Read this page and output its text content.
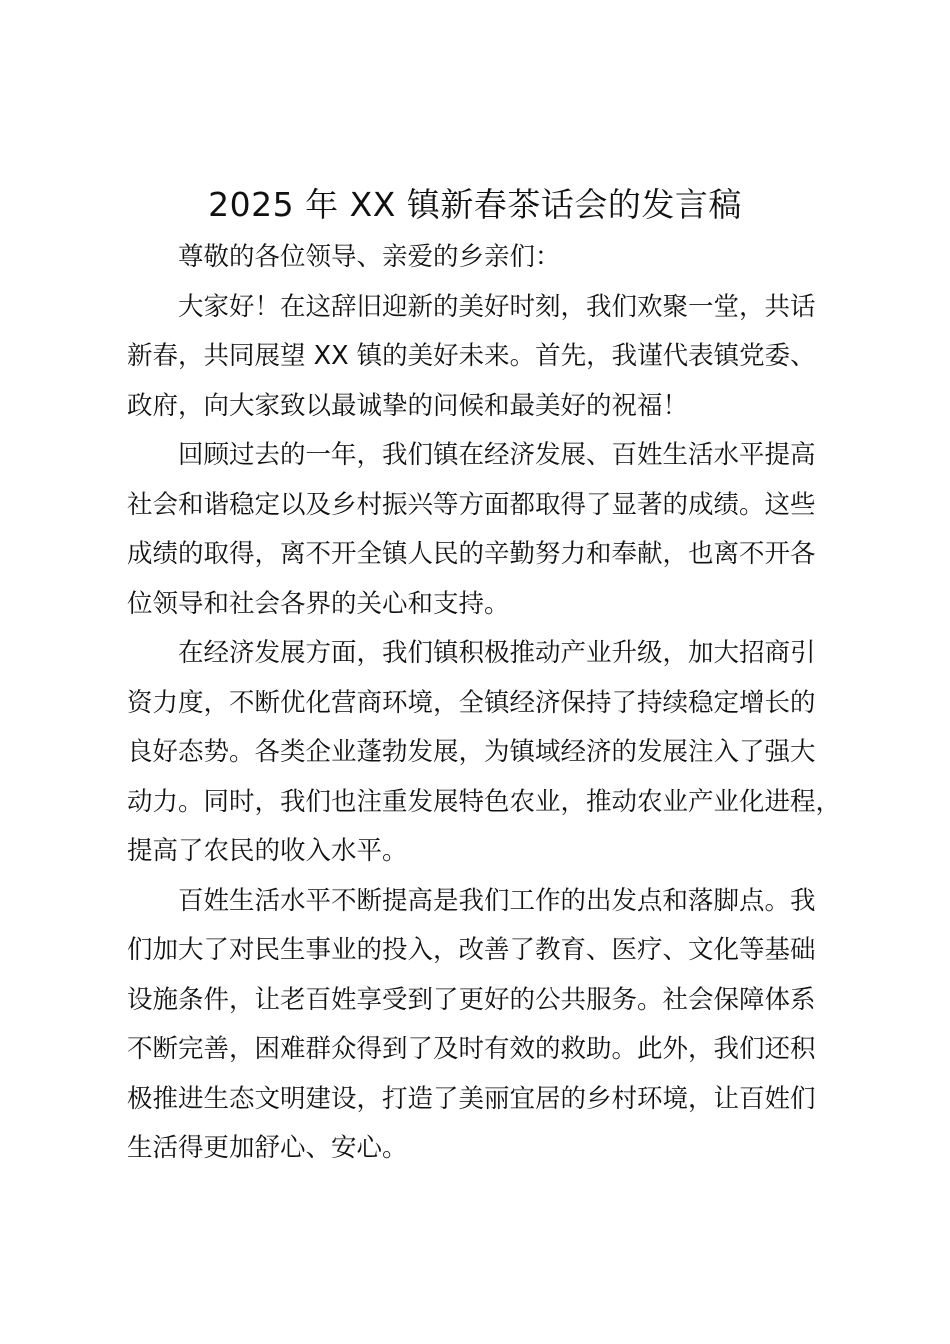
2025 年 XX 镇新春茶话会的发言稿
尊敬的各位领导、亲爱的乡亲们：
大家好！在这辞旧迎新的美好时刻，我们欢聚一堂，共话
新春，共同展望 XX 镇的美好未来。首先，我谨代表镇党委、
政府，向大家致以最诚挚的问候和最美好的祝福！
回顾过去的一年，我们镇在经济发展、百姓生活水平提高
社会和谐稳定以及乡村振兴等方面都取得了显著的成绩。这些
成绩的取得，离不开全镇人民的辛勤努力和奉献，也离不开各
位领导和社会各界的关心和支持。
在经济发展方面，我们镇积极推动产业升级，加大招商引
资力度，不断优化营商环境，全镇经济保持了持续稳定增长的
良好态势。各类企业蓬勃发展，为镇域经济的发展注入了强大
动力。同时，我们也注重发展特色农业，推动农业产业化进程，
提高了农民的收入水平。
百姓生活水平不断提高是我们工作的出发点和落脚点。我
们加大了对民生事业的投入，改善了教育、医疗、文化等基础
设施条件，让老百姓享受到了更好的公共服务。社会保障体系
不断完善，困难群众得到了及时有效的救助。此外，我们还积
极推进生态文明建设，打造了美丽宜居的乡村环境，让百姓们
生活得更加舒心、安心。
